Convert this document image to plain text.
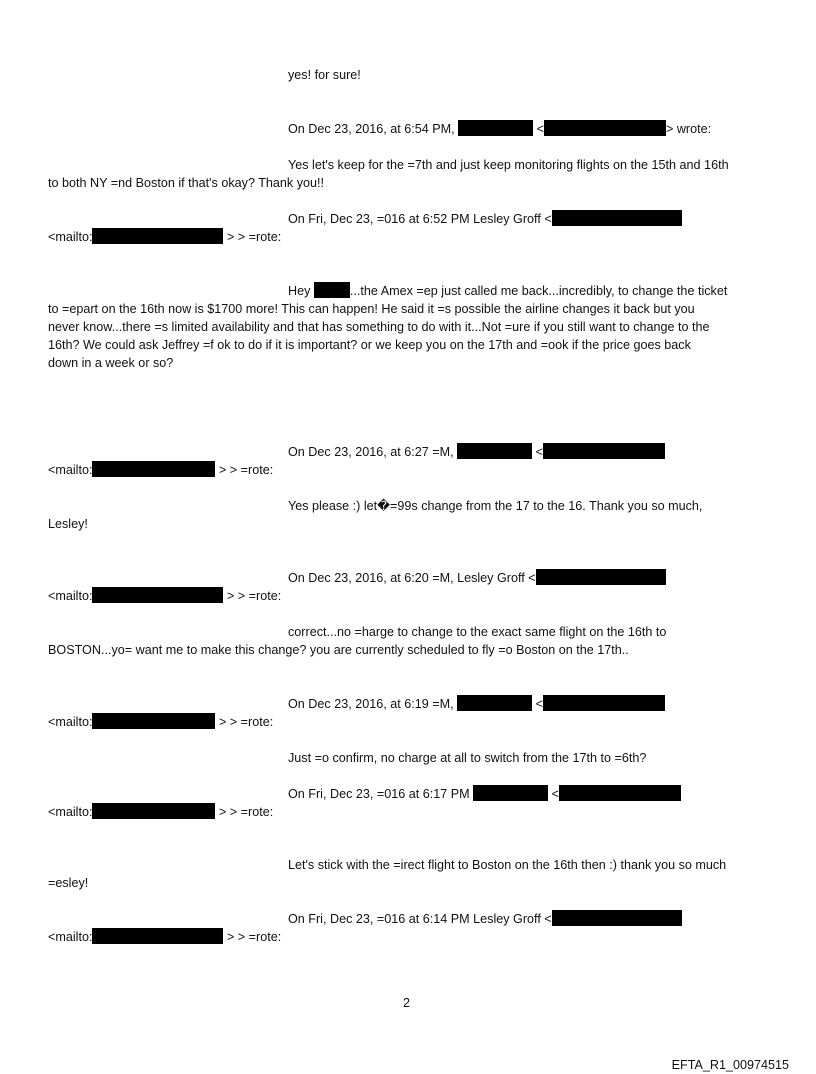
yes! for sure!
On Dec 23, 2016, at 6:54 PM,	<	> wrote:
Yes let's keep for the =7th and just keep monitoring flights on the 15th and 16th
to both NY =nd Boston if that's okay? Thank you!!
On Fri, Dec 23, =016 at 6:52 PM Lesley Groff <
<mailto:	> > =rote:
Hey	...the Amex =ep just called me back...incredibly, to change the ticket
to =epart on the 16th now is $1700 more! This can happen! He said it =s possible the airline changes it back but you
never know...there =s limited availability and that has something to do with it...Not =ure if you still want to change to the
16th? We could ask Jeffrey =f ok to do if it is important? or we keep you on the 17th and =ook if the price goes back
down in a week or so?
On Dec 23, 2016, at 6:27 =M,	<
<mailto:	> > =rote:
Yes please :) let�=99s change from the 17 to the 16. Thank you so much,
Lesley!
On Dec 23, 2016, at 6:20 =M, Lesley Groff <
<mailto:	> > =rote:
correct...no =harge to change to the exact same flight on the 16th to
BOSTON...yo= want me to make this change? you are currently scheduled to fly =o Boston on the 17th..
On Dec 23, 2016, at 6:19 =M,	<
<mailto:	> > =rote:
Just =o confirm, no charge at all to switch from the 17th to =6th?
On Fri, Dec 23, =016 at 6:17 PM	<
<mailto:	> > =rote:
Let's stick with the =irect flight to Boston on the 16th then :) thank you so much
=esley!
On Fri, Dec 23, =016 at 6:14 PM Lesley Groff <
<mailto:	> > =rote:
2
EFTA_R1_00974515
